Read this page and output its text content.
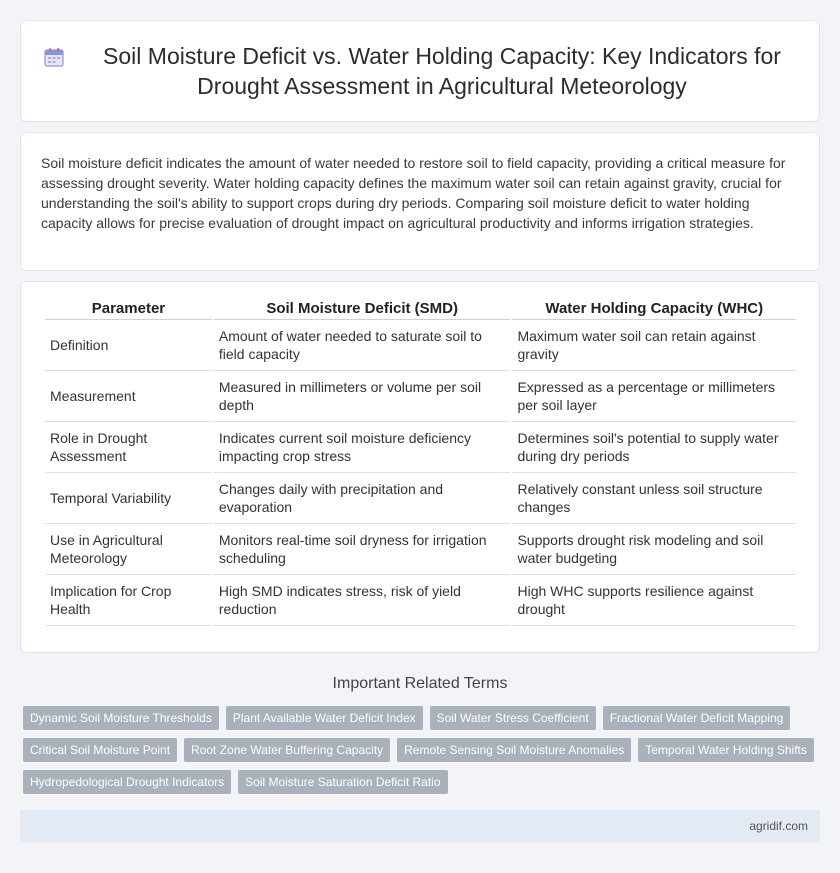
Soil Moisture Deficit vs. Water Holding Capacity: Key Indicators for Drought Assessment in Agricultural Meteorology

Soil moisture deficit indicates the amount of water needed to restore soil to field capacity, providing a critical measure for assessing drought severity. Water holding capacity defines the maximum water soil can retain against gravity, crucial for understanding the soil's ability to support crops during dry periods. Comparing soil moisture deficit to water holding capacity allows for precise evaluation of drought impact on agricultural productivity and informs irrigation strategies.

Parameter	Soil Moisture Deficit (SMD)	Water Holding Capacity (WHC)
Definition	Amount of water needed to saturate soil to field capacity	Maximum water soil can retain against gravity
Measurement	Measured in millimeters or volume per soil depth	Expressed as a percentage or millimeters per soil layer
Role in Drought Assessment	Indicates current soil moisture deficiency impacting crop stress	Determines soil's potential to supply water during dry periods
Temporal Variability	Changes daily with precipitation and evaporation	Relatively constant unless soil structure changes
Use in Agricultural Meteorology	Monitors real-time soil dryness for irrigation scheduling	Supports drought risk modeling and soil water budgeting
Implication for Crop Health	High SMD indicates stress, risk of yield reduction	High WHC supports resilience against drought
Important Related Terms
Dynamic Soil Moisture Thresholds	Plant Available Water Deficit Index	Soil Water Stress Coefficient	Fractional Water Deficit Mapping
Critical Soil Moisture Point	Root Zone Water Buffering Capacity	Remote Sensing Soil Moisture Anomalies	Temporal Water Holding Shifts
Hydropedological Drought Indicators	Soil Moisture Saturation Deficit Ratio
agridif.com
